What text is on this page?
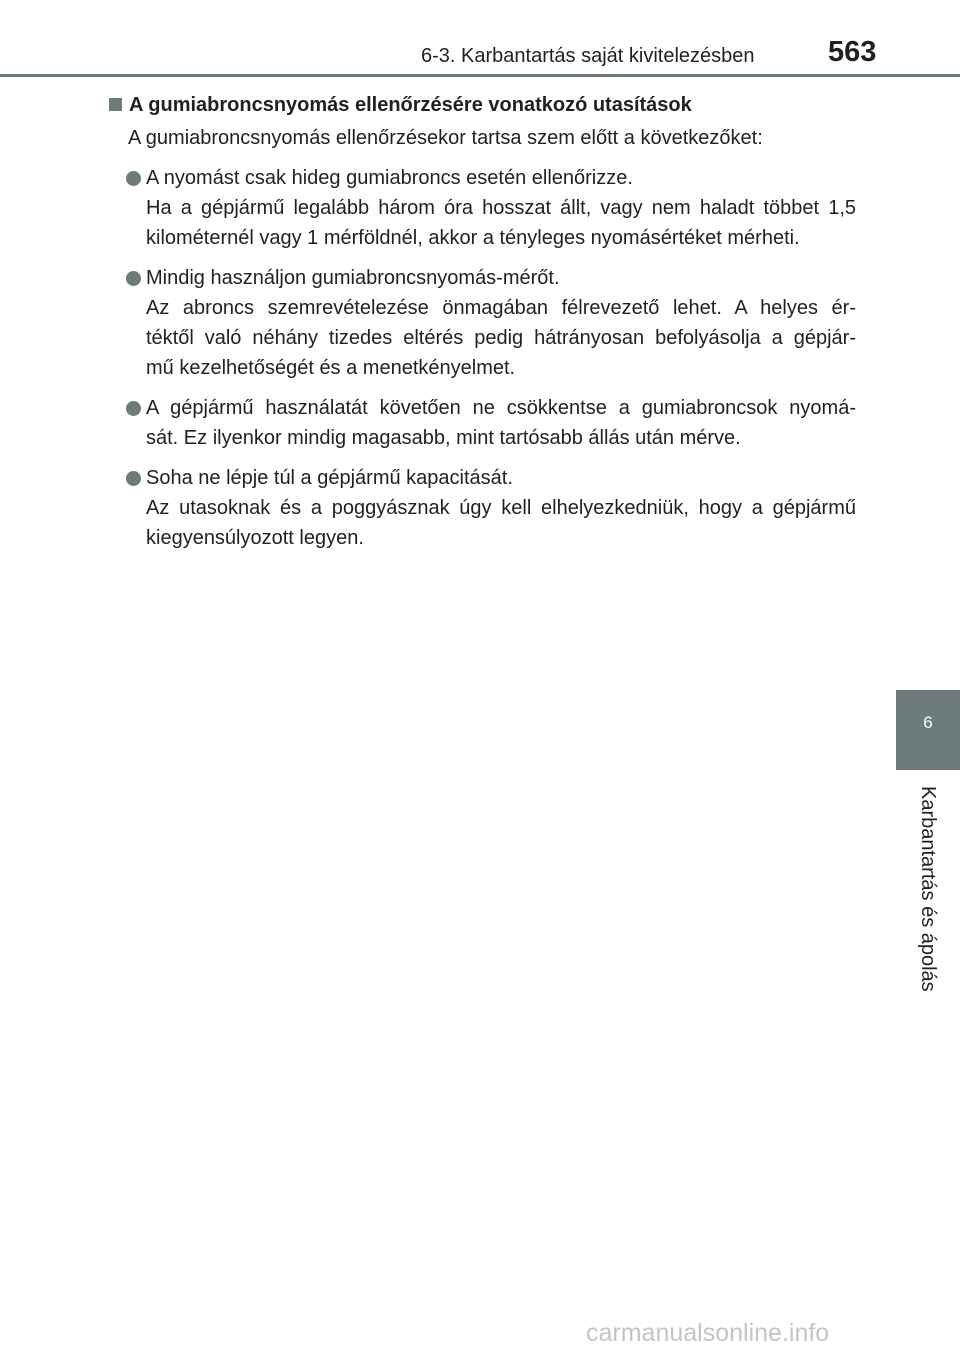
6-3. Karbantartás saját kivitelezésben	563
6
Karbantartás és ápolás
A gumiabroncsnyomás ellenőrzésére vonatkozó utasítások
A gumiabroncsnyomás ellenőrzésekor tartsa szem előtt a következőket:
A nyomást csak hideg gumiabroncs esetén ellenőrizze.
Ha a gépjármű legalább három óra hosszat állt, vagy nem haladt többet 1,5
kilométernél vagy 1 mérföldnél, akkor a tényleges nyomásértéket mérheti.
Mindig használjon gumiabroncsnyomás-mérőt.
Az abroncs szemrevételezése önmagában félrevezető lehet. A helyes ér-
téktől való néhány tizedes eltérés pedig hátrányosan befolyásolja a gépjár-
mű kezelhetőségét és a menetkényelmet.
A gépjármű használatát követően ne csökkentse a gumiabroncsok nyomá-
sát. Ez ilyenkor mindig magasabb, mint tartósabb állás után mérve.
Soha ne lépje túl a gépjármű kapacitását.
Az utasoknak és a poggyásznak úgy kell elhelyezkedniük, hogy a gépjármű
kiegyensúlyozott legyen.
carmanualsonline.info
